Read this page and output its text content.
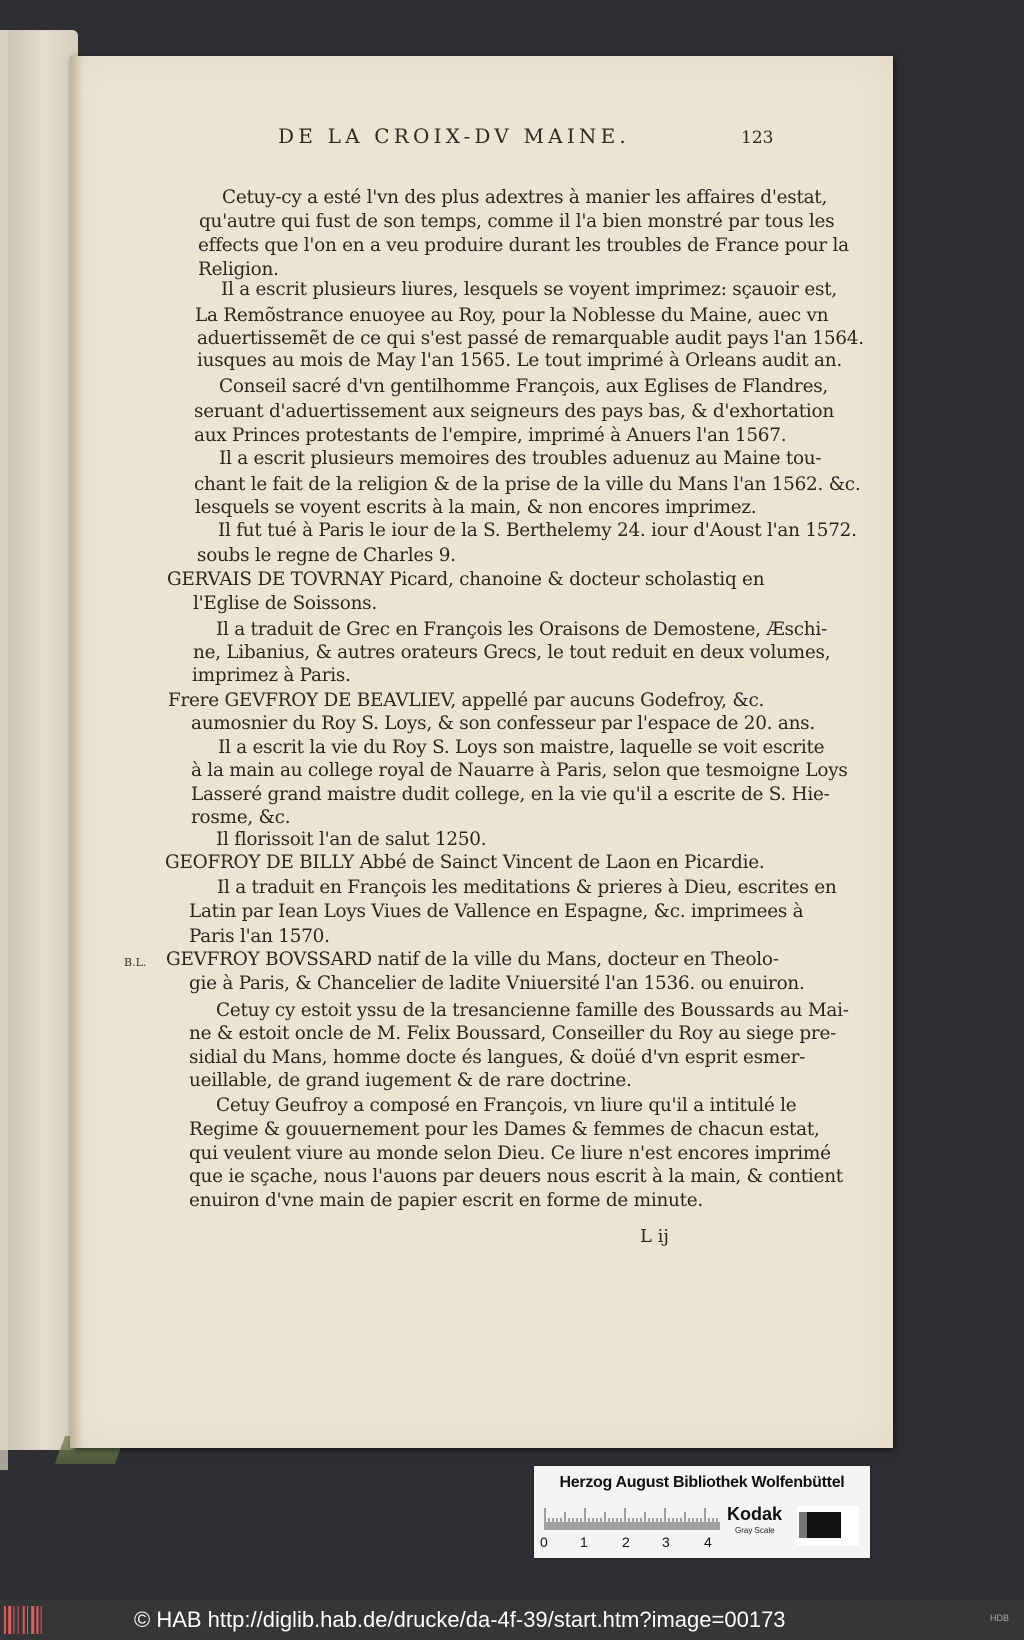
DE LA CROIX-DV MAINE.	123
Cetuy-cy a esté l'vn des plus adextres à manier les affaires d'estat,
qu'autre qui fust de son temps, comme il l'a bien monstré par tous les
effects que l'on en a veu produire durant les troubles de France pour la
Religion.
Il a escrit plusieurs liures, lesquels se voyent imprimez: sçauoir est,
La Remõstrance enuoyee au Roy, pour la Noblesse du Maine, auec vn
aduertissemẽt de ce qui s'est passé de remarquable audit pays l'an 1564.
iusques au mois de May l'an 1565. Le tout imprimé à Orleans audit an.
Conseil sacré d'vn gentilhomme François, aux Eglises de Flandres,
seruant d'aduertissement aux seigneurs des pays bas, & d'exhortation
aux Princes protestants de l'empire, imprimé à Anuers l'an 1567.
Il a escrit plusieurs memoires des troubles aduenuz au Maine tou-
chant le fait de la religion & de la prise de la ville du Mans l'an 1562. &c.
lesquels se voyent escrits à la main, & non encores imprimez.
Il fut tué à Paris le iour de la S. Berthelemy 24. iour d'Aoust l'an 1572.
soubs le regne de Charles 9.
GERVAIS DE TOVRNAY Picard, chanoine & docteur scholastiq en
l'Eglise de Soissons.
Il a traduit de Grec en François les Oraisons de Demostene, Æschi-
ne, Libanius, & autres orateurs Grecs, le tout reduit en deux volumes,
imprimez à Paris.
Frere GEVFROY DE BEAVLIEV, appellé par aucuns Godefroy, &c.
aumosnier du Roy S. Loys, & son confesseur par l'espace de 20. ans.
Il a escrit la vie du Roy S. Loys son maistre, laquelle se voit escrite
à la main au college royal de Nauarre à Paris, selon que tesmoigne Loys
Lasseré grand maistre dudit college, en la vie qu'il a escrite de S. Hie-
rosme, &c.
Il florissoit l'an de salut 1250.
GEOFROY DE BILLY Abbé de Sainct Vincent de Laon en Picardie.
Il a traduit en François les meditations & prieres à Dieu, escrites en
Latin par Iean Loys Viues de Vallence en Espagne, &c. imprimees à
Paris l'an 1570.
GEVFROY BOVSSARD natif de la ville du Mans, docteur en Theolo-
gie à Paris, & Chancelier de ladite Vniuersité l'an 1536. ou enuiron.
Cetuy cy estoit yssu de la tresancienne famille des Boussards au Mai-
ne & estoit oncle de M. Felix Boussard, Conseiller du Roy au siege pre-
sidial du Mans, homme docte és langues, & doüé d'vn esprit esmer-
ueillable, de grand iugement & de rare doctrine.
Cetuy Geufroy a composé en François, vn liure qu'il a intitulé le
Regime & gouuernement pour les Dames & femmes de chacun estat,
qui veulent viure au monde selon Dieu. Ce liure n'est encores imprimé
que ie sçache, nous l'auons par deuers nous escrit à la main, & contient
enuiron d'vne main de papier escrit en forme de minute.
B.L.
L ij
Herzog August Bibliothek Wolfenbüttel
0 1 2 3 4
Kodak
Gray Scale
© HAB http://diglib.hab.de/drucke/da-4f-39/start.htm?image=00173	HDB
